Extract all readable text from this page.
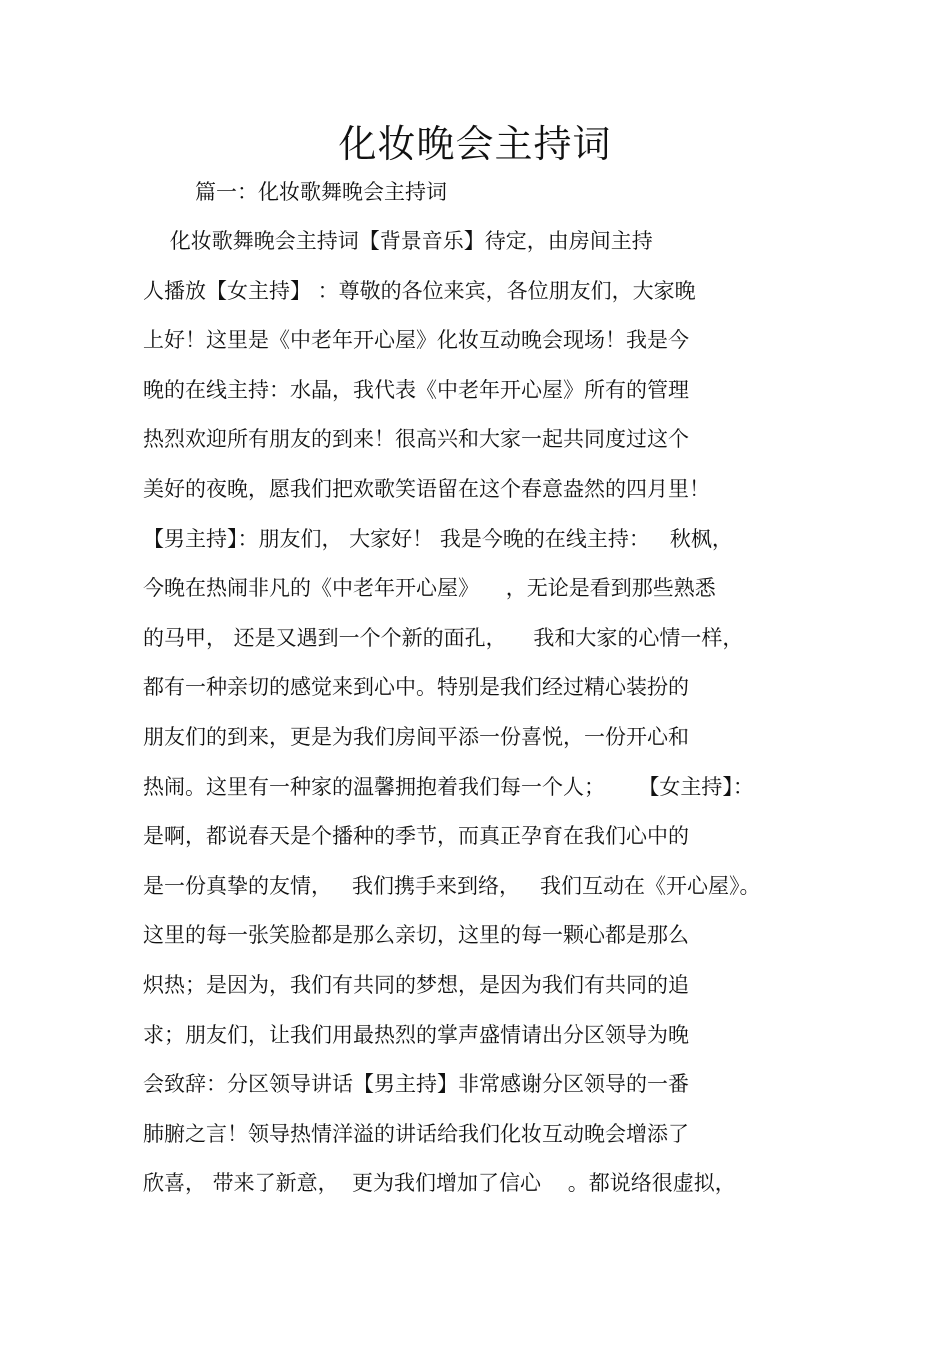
化妆晚会主持词
篇一：化妆歌舞晚会主持词
化妆歌舞晚会主持词【背景音乐】待定，由房间主持
人播放【女主持】 ：尊敬的各位来宾，各位朋友们，大家晚
上好！这里是《中老年开心屋》化妆互动晚会现场！我是今
晚的在线主持：水晶，我代表《中老年开心屋》所有的管理
热烈欢迎所有朋友的到来！很高兴和大家一起共同度过这个
美好的夜晚，愿我们把欢歌笑语留在这个春意盎然的四月里！
【男主持】：朋友们， 大家好！ 我是今晚的在线主持：   秋枫，
今晚在热闹非凡的《中老年开心屋》    ，无论是看到那些熟悉
的马甲， 还是又遇到一个个新的面孔，    我和大家的心情一样，
都有一种亲切的感觉来到心中。特别是我们经过精心装扮的
朋友们的到来，更是为我们房间平添一份喜悦，一份开心和
热闹。这里有一种家的温馨拥抱着我们每一个人；     【女主持】：
是啊，都说春天是个播种的季节，而真正孕育在我们心中的
是一份真挚的友情，   我们携手来到络，   我们互动在《开心屋》。
这里的每一张笑脸都是那么亲切，这里的每一颗心都是那么
炽热；是因为，我们有共同的梦想，是因为我们有共同的追
求；朋友们，让我们用最热烈的掌声盛情请出分区领导为晚
会致辞：分区领导讲话【男主持】非常感谢分区领导的一番
肺腑之言！领导热情洋溢的讲话给我们化妆互动晚会增添了
欣喜， 带来了新意，  更为我们增加了信心    。都说络很虚拟，
